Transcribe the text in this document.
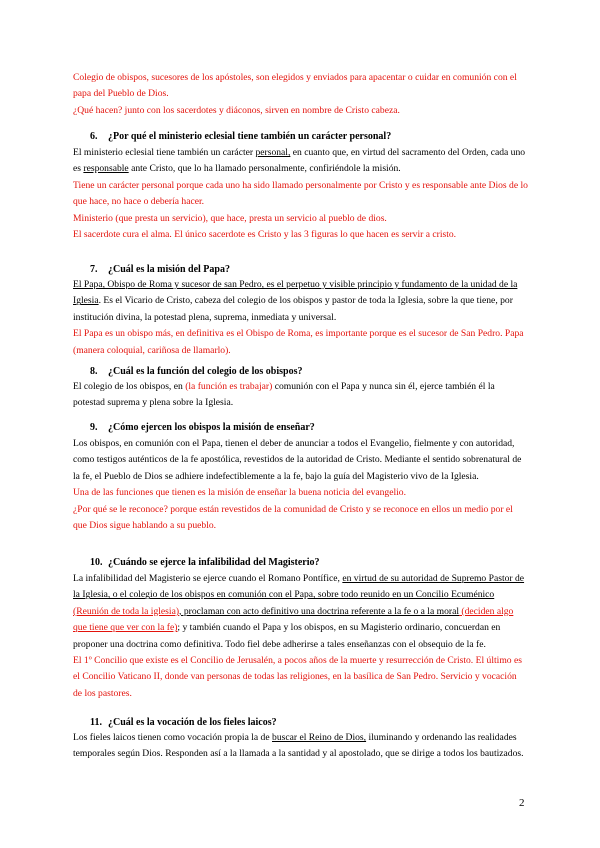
Colegio de obispos, sucesores de los apóstoles, son elegidos y enviados para apacentar o cuidar en comunión con el papa del Pueblo de Dios.

¿Qué hacen? junto con los sacerdotes y diáconos, sirven en nombre de Cristo cabeza.

6. ¿Por qué el ministerio eclesial tiene también un carácter personal?

El ministerio eclesial tiene también un carácter personal, en cuanto que, en virtud del sacramento del Orden, cada uno es responsable ante Cristo, que lo ha llamado personalmente, confiriéndole la misión.

Tiene un carácter personal porque cada uno ha sido llamado personalmente por Cristo y es responsable ante Dios de lo que hace, no hace o debería hacer.

Ministerio (que presta un servicio), que hace, presta un servicio al pueblo de dios.

El sacerdote cura el alma. El único sacerdote es Cristo y las 3 figuras lo que hacen es servir a cristo.

7. ¿Cuál es la misión del Papa?

El Papa, Obispo de Roma y sucesor de san Pedro, es el perpetuo y visible principio y fundamento de la unidad de la Iglesia. Es el Vicario de Cristo, cabeza del colegio de los obispos y pastor de toda la Iglesia, sobre la que tiene, por institución divina, la potestad plena, suprema, inmediata y universal.

El Papa es un obispo más, en definitiva es el Obispo de Roma, es importante porque es el sucesor de San Pedro. Papa (manera coloquial, cariñosa de llamarlo).

8. ¿Cuál es la función del colegio de los obispos?

El colegio de los obispos, en (la función es trabajar) comunión con el Papa y nunca sin él, ejerce también él la potestad suprema y plena sobre la Iglesia.

9. ¿Cómo ejercen los obispos la misión de enseñar?

Los obispos, en comunión con el Papa, tienen el deber de anunciar a todos el Evangelio, fielmente y con autoridad, como testigos auténticos de la fe apostólica, revestidos de la autoridad de Cristo. Mediante el sentido sobrenatural de la fe, el Pueblo de Dios se adhiere indefectiblemente a la fe, bajo la guía del Magisterio vivo de la Iglesia.

Una de las funciones que tienen es la misión de enseñar la buena noticia del evangelio.

¿Por qué se le reconoce? porque están revestidos de la comunidad de Cristo y se reconoce en ellos un medio por el que Dios sigue hablando a su pueblo.

10. ¿Cuándo se ejerce la infalibilidad del Magisterio?

La infalibilidad del Magisterio se ejerce cuando el Romano Pontífice, en virtud de su autoridad de Supremo Pastor de la Iglesia, o el colegio de los obispos en comunión con el Papa, sobre todo reunido en un Concilio Ecuménico (Reunión de toda la iglesia), proclaman con acto definitivo una doctrina referente a la fe o a la moral (deciden algo que tiene que ver con la fe); y también cuando el Papa y los obispos, en su Magisterio ordinario, concuerdan en proponer una doctrina como definitiva. Todo fiel debe adherirse a tales enseñanzas con el obsequio de la fe.

El 1º Concilio que existe es el Concilio de Jerusalén, a pocos años de la muerte y resurrección de Cristo. El último es el Concilio Vaticano II, donde van personas de todas las religiones, en la basílica de San Pedro. Servicio y vocación de los pastores.

11. ¿Cuál es la vocación de los fieles laicos?

Los fieles laicos tienen como vocación propia la de buscar el Reino de Dios, iluminando y ordenando las realidades temporales según Dios. Responden así a la llamada a la santidad y al apostolado, que se dirige a todos los bautizados.

2
